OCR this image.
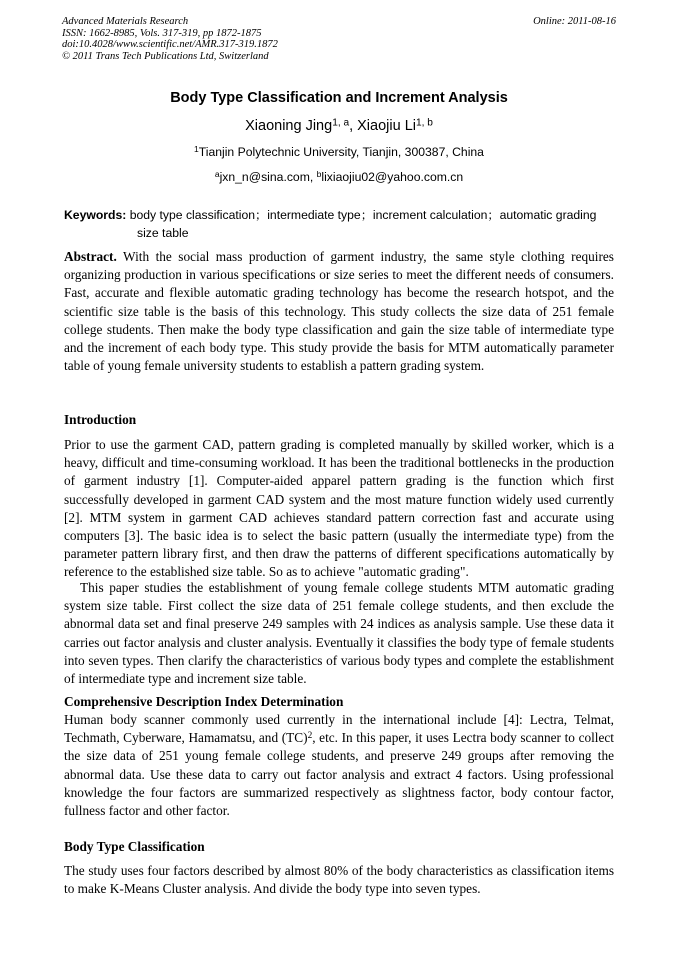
Advanced Materials Research
ISSN: 1662-8985, Vols. 317-319, pp 1872-1875
doi:10.4028/www.scientific.net/AMR.317-319.1872
© 2011 Trans Tech Publications Ltd, Switzerland
Online: 2011-08-16
Body Type Classification and Increment Analysis
Xiaoning Jing$^{1, a}$, Xiaojiu Li$^{1, b}$
$^1$Tianjin Polytechnic University, Tianjin, 300387, China
$^a$jxn_n@sina.com, $^b$lixiaojiu02@yahoo.com.cn
Keywords: body type classification；intermediate type；increment calculation；automatic grading
size table
Abstract. With the social mass production of garment industry, the same style clothing requires organizing production in various specifications or size series to meet the different needs of consumers. Fast, accurate and flexible automatic grading technology has become the research hotspot, and the scientific size table is the basis of this technology. This study collects the size data of 251 female college students. Then make the body type classification and gain the size table of intermediate type and the increment of each body type. This study provide the basis for MTM automatically parameter table of young female university students to establish a pattern grading system.
Introduction
Prior to use the garment CAD, pattern grading is completed manually by skilled worker, which is a heavy, difficult and time-consuming workload. It has been the traditional bottlenecks in the production of garment industry [1]. Computer-aided apparel pattern grading is the function which first successfully developed in garment CAD system and the most mature function widely used currently [2]. MTM system in garment CAD achieves standard pattern correction fast and accurate using computers [3]. The basic idea is to select the basic pattern (usually the intermediate type) from the parameter pattern library first, and then draw the patterns of different specifications automatically by reference to the established size table. So as to achieve "automatic grading".
This paper studies the establishment of young female college students MTM automatic grading system size table. First collect the size data of 251 female college students, and then exclude the abnormal data set and final preserve 249 samples with 24 indices as analysis sample. Use these data it carries out factor analysis and cluster analysis. Eventually it classifies the body type of female students into seven types. Then clarify the characteristics of various body types and complete the establishment of intermediate type and increment size table.
Comprehensive Description Index Determination
Human body scanner commonly used currently in the international include [4]: Lectra, Telmat, Techmath, Cyberware, Hamamatsu, and (TC)$^2$, etc. In this paper, it uses Lectra body scanner to collect the size data of 251 young female college students, and preserve 249 groups after removing the abnormal data. Use these data to carry out factor analysis and extract 4 factors. Using professional knowledge the four factors are summarized respectively as slightness factor, body contour factor, fullness factor and other factor.
Body Type Classification
The study uses four factors described by almost 80% of the body characteristics as classification items to make K-Means Cluster analysis. And divide the body type into seven types.
